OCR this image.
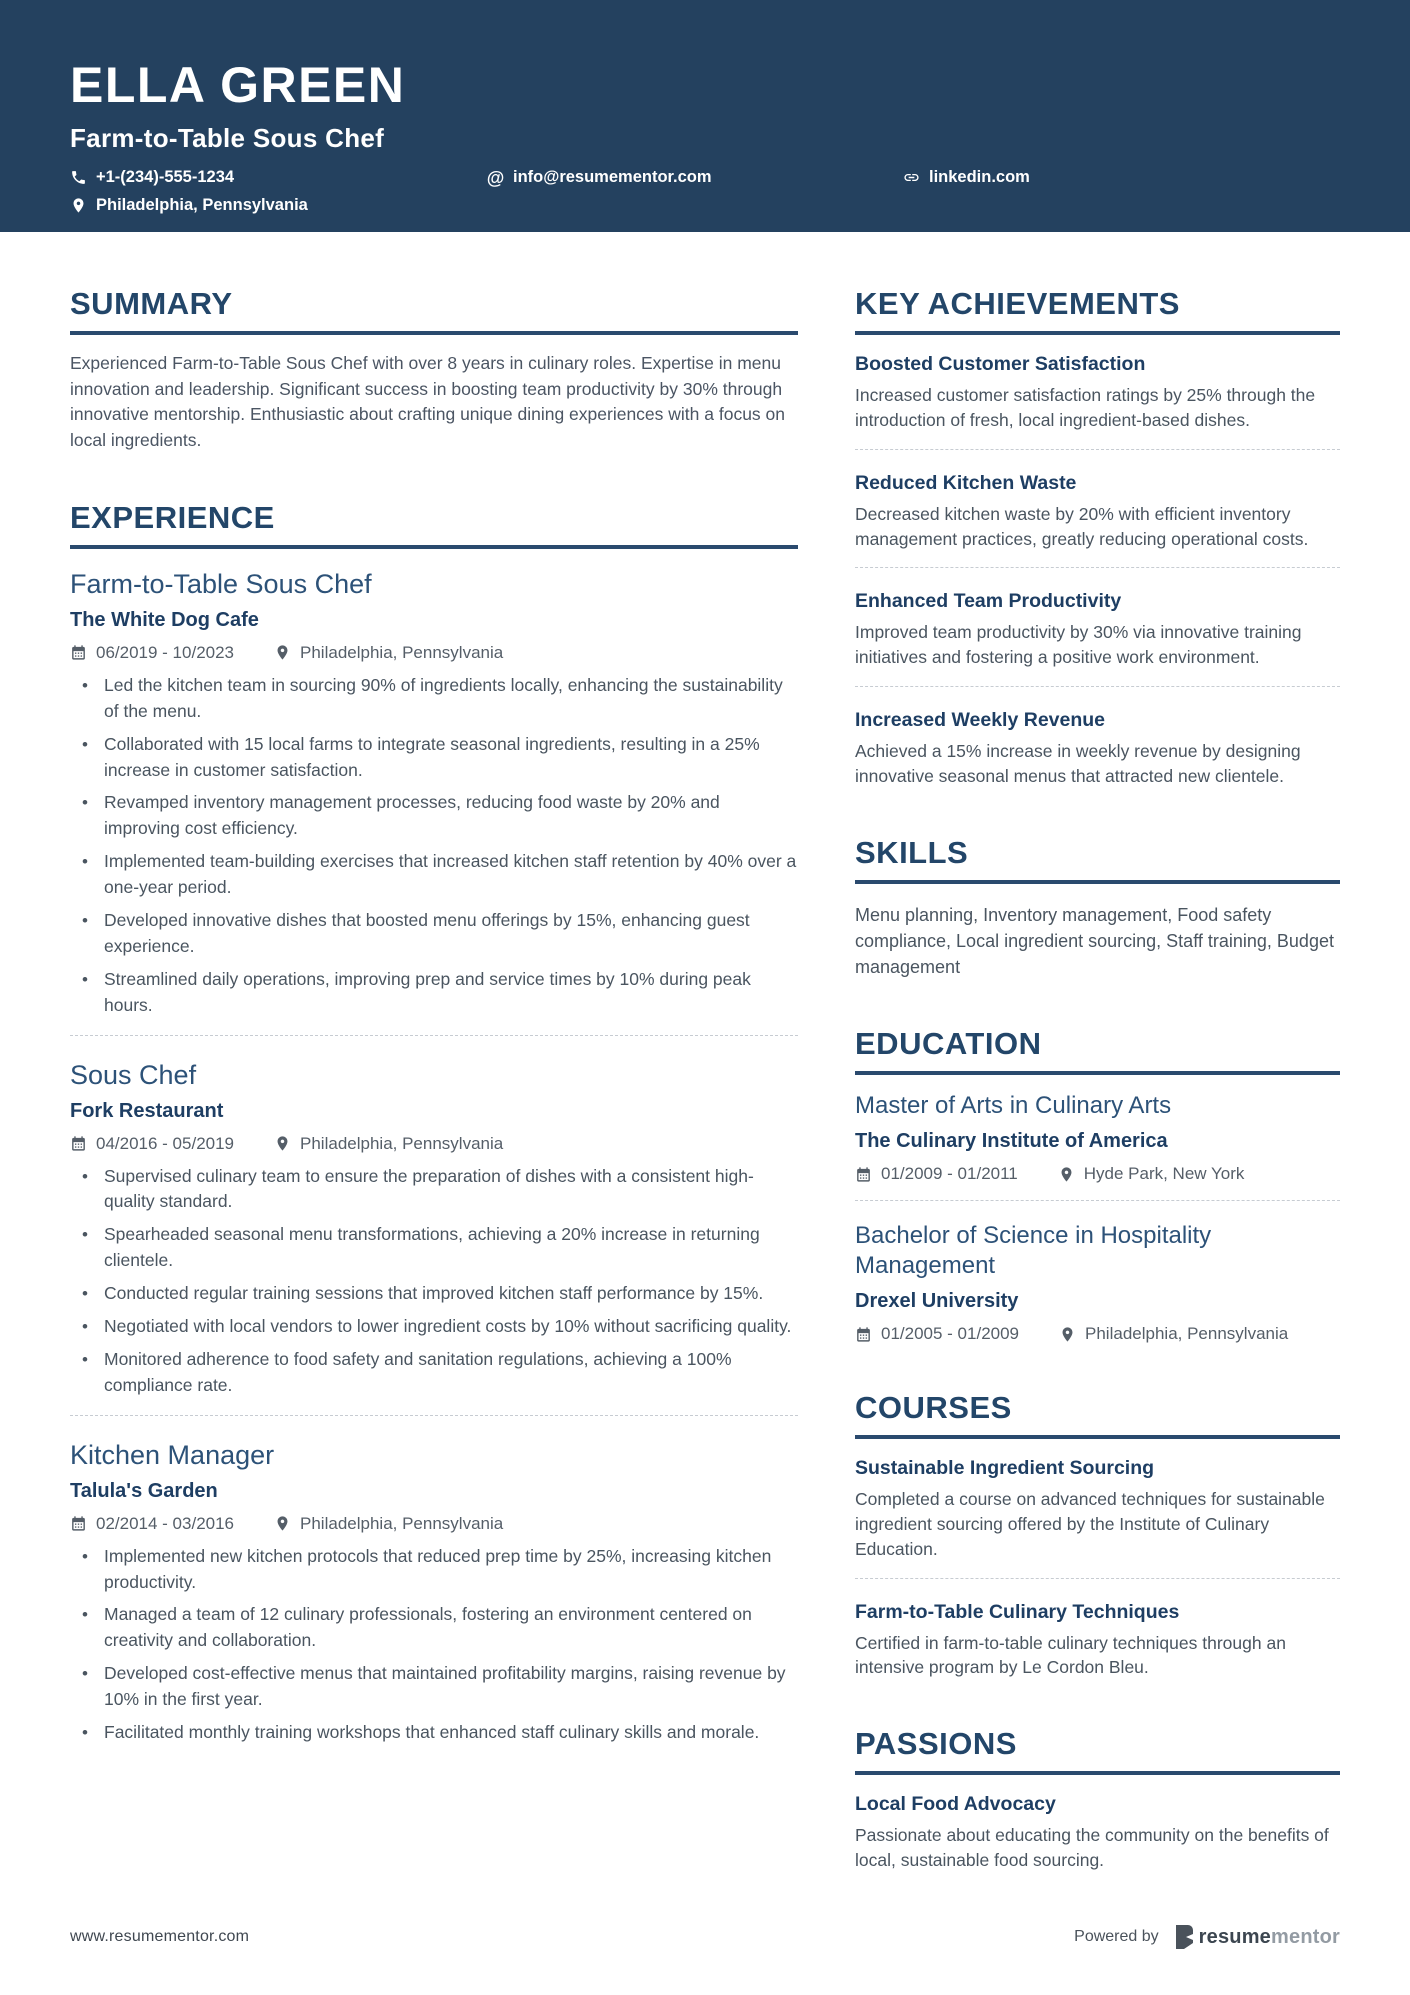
ELLA GREEN
Farm-to-Table Sous Chef
+1-(234)-555-1234	@ info@resumementor.com	linkedin.com
Philadelphia, Pennsylvania
SUMMARY

Experienced Farm-to-Table Sous Chef with over 8 years in culinary roles. Expertise in menu innovation and leadership. Significant success in boosting team productivity by 30% through innovative mentorship. Enthusiastic about crafting unique dining experiences with a focus on local ingredients.

EXPERIENCE
Farm-to-Table Sous Chef
The White Dog Cafe
06/2019 - 10/2023	Philadelphia, Pennsylvania
• Led the kitchen team in sourcing 90% of ingredients locally, enhancing the sustainability of the menu.
• Collaborated with 15 local farms to integrate seasonal ingredients, resulting in a 25% increase in customer satisfaction.
• Revamped inventory management processes, reducing food waste by 20% and improving cost efficiency.
• Implemented team-building exercises that increased kitchen staff retention by 40% over a one-year period.
• Developed innovative dishes that boosted menu offerings by 15%, enhancing guest experience.
• Streamlined daily operations, improving prep and service times by 10% during peak hours.
Sous Chef
Fork Restaurant
04/2016 - 05/2019	Philadelphia, Pennsylvania
• Supervised culinary team to ensure the preparation of dishes with a consistent high-quality standard.
• Spearheaded seasonal menu transformations, achieving a 20% increase in returning clientele.
• Conducted regular training sessions that improved kitchen staff performance by 15%.
• Negotiated with local vendors to lower ingredient costs by 10% without sacrificing quality.
• Monitored adherence to food safety and sanitation regulations, achieving a 100% compliance rate.
Kitchen Manager
Talula's Garden
02/2014 - 03/2016	Philadelphia, Pennsylvania
• Implemented new kitchen protocols that reduced prep time by 25%, increasing kitchen productivity.
• Managed a team of 12 culinary professionals, fostering an environment centered on creativity and collaboration.
• Developed cost-effective menus that maintained profitability margins, raising revenue by 10% in the first year.
• Facilitated monthly training workshops that enhanced staff culinary skills and morale.
KEY ACHIEVEMENTS
Boosted Customer Satisfaction

Increased customer satisfaction ratings by 25% through the introduction of fresh, local ingredient-based dishes.

Reduced Kitchen Waste

Decreased kitchen waste by 20% with efficient inventory management practices, greatly reducing operational costs.

Enhanced Team Productivity

Improved team productivity by 30% via innovative training initiatives and fostering a positive work environment.

Increased Weekly Revenue

Achieved a 15% increase in weekly revenue by designing innovative seasonal menus that attracted new clientele.

SKILLS

Menu planning, Inventory management, Food safety compliance, Local ingredient sourcing, Staff training, Budget management

EDUCATION
Master of Arts in Culinary Arts
The Culinary Institute of America
01/2009 - 01/2011	Hyde Park, New York
Bachelor of Science in Hospitality Management
Drexel University
01/2005 - 01/2009	Philadelphia, Pennsylvania
COURSES
Sustainable Ingredient Sourcing

Completed a course on advanced techniques for sustainable ingredient sourcing offered by the Institute of Culinary Education.

Farm-to-Table Culinary Techniques

Certified in farm-to-table culinary techniques through an intensive program by Le Cordon Bleu.

PASSIONS
Local Food Advocacy

Passionate about educating the community on the benefits of local, sustainable food sourcing.

www.resumementor.com	Powered by resumementor
